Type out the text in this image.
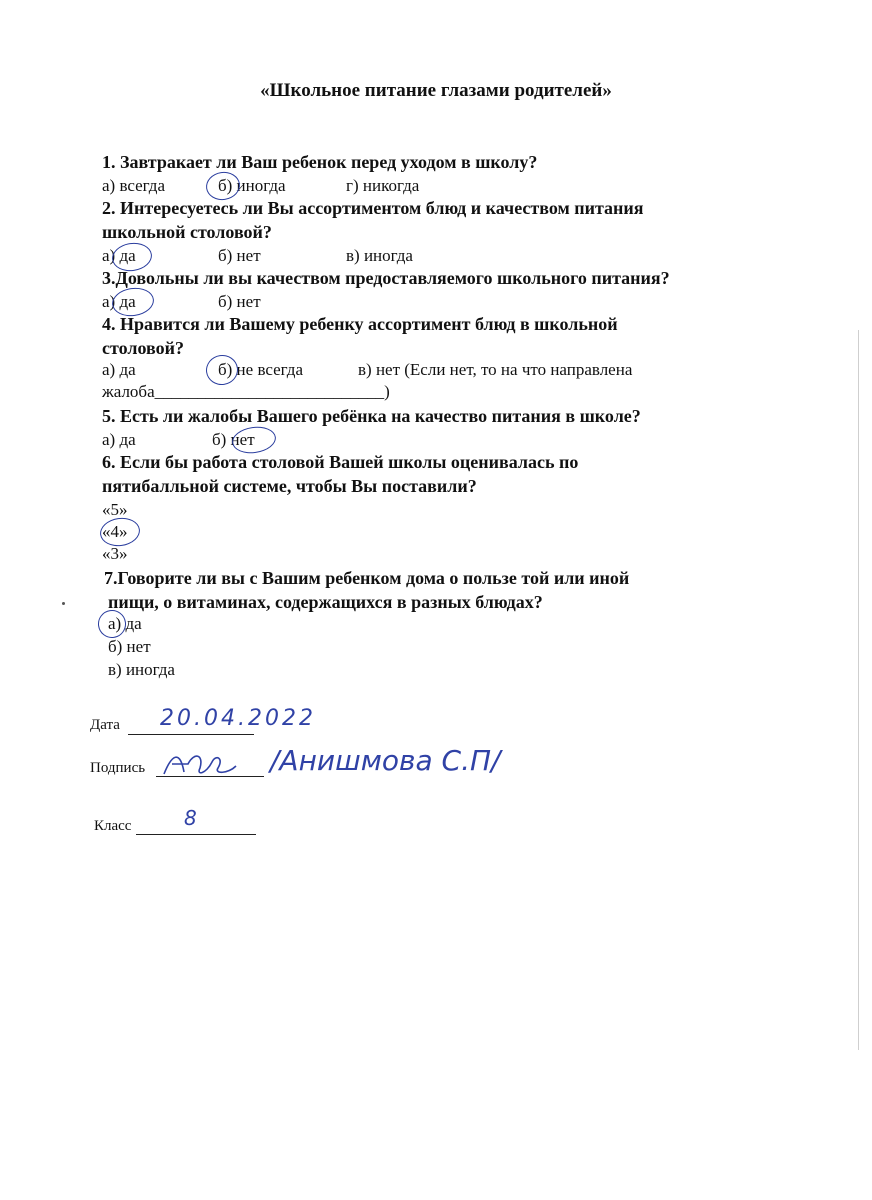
«Школьное питание глазами родителей»
1. Завтракает ли Ваш ребенок перед уходом в школу?
а) всегда	б) иногда	г) никогда
2. Интересуетесь ли Вы ассортиментом блюд и качеством питания
школьной столовой?
а) да	б) нет	в) иногда
3.Довольны ли вы качеством предоставляемого школьного питания?
а) да	б) нет
4. Нравится ли Вашему ребенку ассортимент блюд в школьной
столовой?
а) да	б) не всегда	в) нет (Если нет, то на что направлена
жалоба___________________________)
5. Есть ли жалобы Вашего ребёнка на качество питания в школе?
а) да	б) нет
6. Если бы работа столовой Вашей школы оценивалась по
пятибалльной системе, чтобы Вы поставили?
«5»
«4»
«3»
7.Говорите ли вы с Вашим ребенком дома о пользе той или иной
пищи, о витаминах, содержащихся в разных блюдах?
а) да
б) нет
в) иногда
Дата 20.04.2022
Подпись	/Анишмова С.П/
Класс	8
